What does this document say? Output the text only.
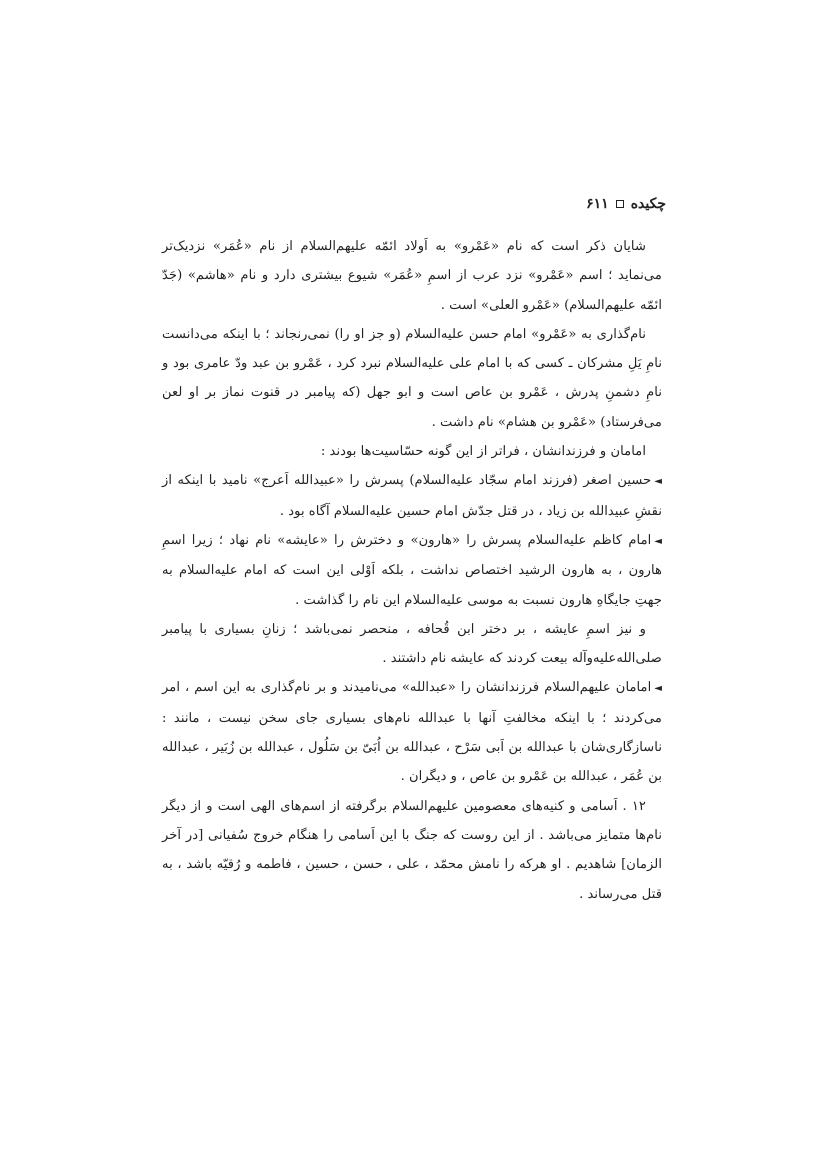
چکیده
۶۱۱

شایان ذکر است که نام «عَمْرو» به اَولاد ائمّه علیهم‌السلام از نام «عُمَر» نزدیک‌تر می‌نماید ؛ اسم «عَمْرو» نزد عرب از اسمِ «عُمَر» شیوع بیشتری دارد و نام «هاشم» (جَدّ ائمّه علیهم‌السلام) «عَمْرو العلی» است .

نام‌گذاری به «عَمْرو» امام حسن علیه‌السلام (و جز او را) نمی‌رنجاند ؛ با اینکه می‌دانست نامِ یَلِ مشرکان ـ کسی که با امام علی علیه‌السلام نبرد کرد ، عَمْرو بن عبد ودّ عامری بود و نامِ دشمنِ پدرش ، عَمْرو بن عاص است و ابو جهل (که پیامبر در قنوت نماز بر او لعن می‌فرستاد) «عَمْرو بن هشام» نام داشت .

امامان و فرزندانشان ، فراتر از این گونه حسّاسیت‌ها بودند :

◄حسین اصغر (فرزند امام سجّاد علیه‌السلام) پسرش را «عبیدالله اَعرج» نامید با اینکه از نقشِ عبیدالله بن زیاد ، در قتل جدّش امام حسین علیه‌السلام آگاه بود .

◄امام کاظم علیه‌السلام پسرش را «هارون» و دخترش را «عایشه» نام نهاد ؛ زیرا اسمِ هارون ، به هارون الرشید اختصاص نداشت ، بلکه اَوْلی این است که امام علیه‌السلام به جهتِ جایگاهِ هارون نسبت به موسی علیه‌السلام این نام را گذاشت .

و نیز اسمِ عایشه ، بر دختر ابن قُحافه ، منحصر نمی‌باشد ؛ زنانِ بسیاری با پیامبر صلی‌الله‌علیه‌وآله بیعت کردند که عایشه نام داشتند .

◄امامان علیهم‌السلام فرزندانشان را «عبدالله» می‌نامیدند و بر نام‌گذاری به این اسم ، امر می‌کردند ؛ با اینکه مخالفتِ آنها با عبدالله نام‌های بسیاری جای سخن نیست ، مانند : ناسازگاری‌شان با عبدالله بن اَبی سَرْح ، عبدالله بن اُبَیّ بن سَلُول ، عبدالله بن زُبَیر ، عبدالله بن عُمَر ، عبدالله بن عَمْرو بن عاص ، و دیگران .

۱۲ . اَسامی و کنیه‌های معصومین علیهم‌السلام برگرفته از اسم‌های الهی است و از دیگر نام‌ها متمایز می‌باشد . از این روست که جنگ با این اَسامی را هنگام خروج سُفیانی [در آخر الزمان] شاهدیم . او هرکه را نامش محمّد ، علی ، حسن ، حسین ، فاطمه و رُقیّه باشد ، به قتل می‌رساند .
